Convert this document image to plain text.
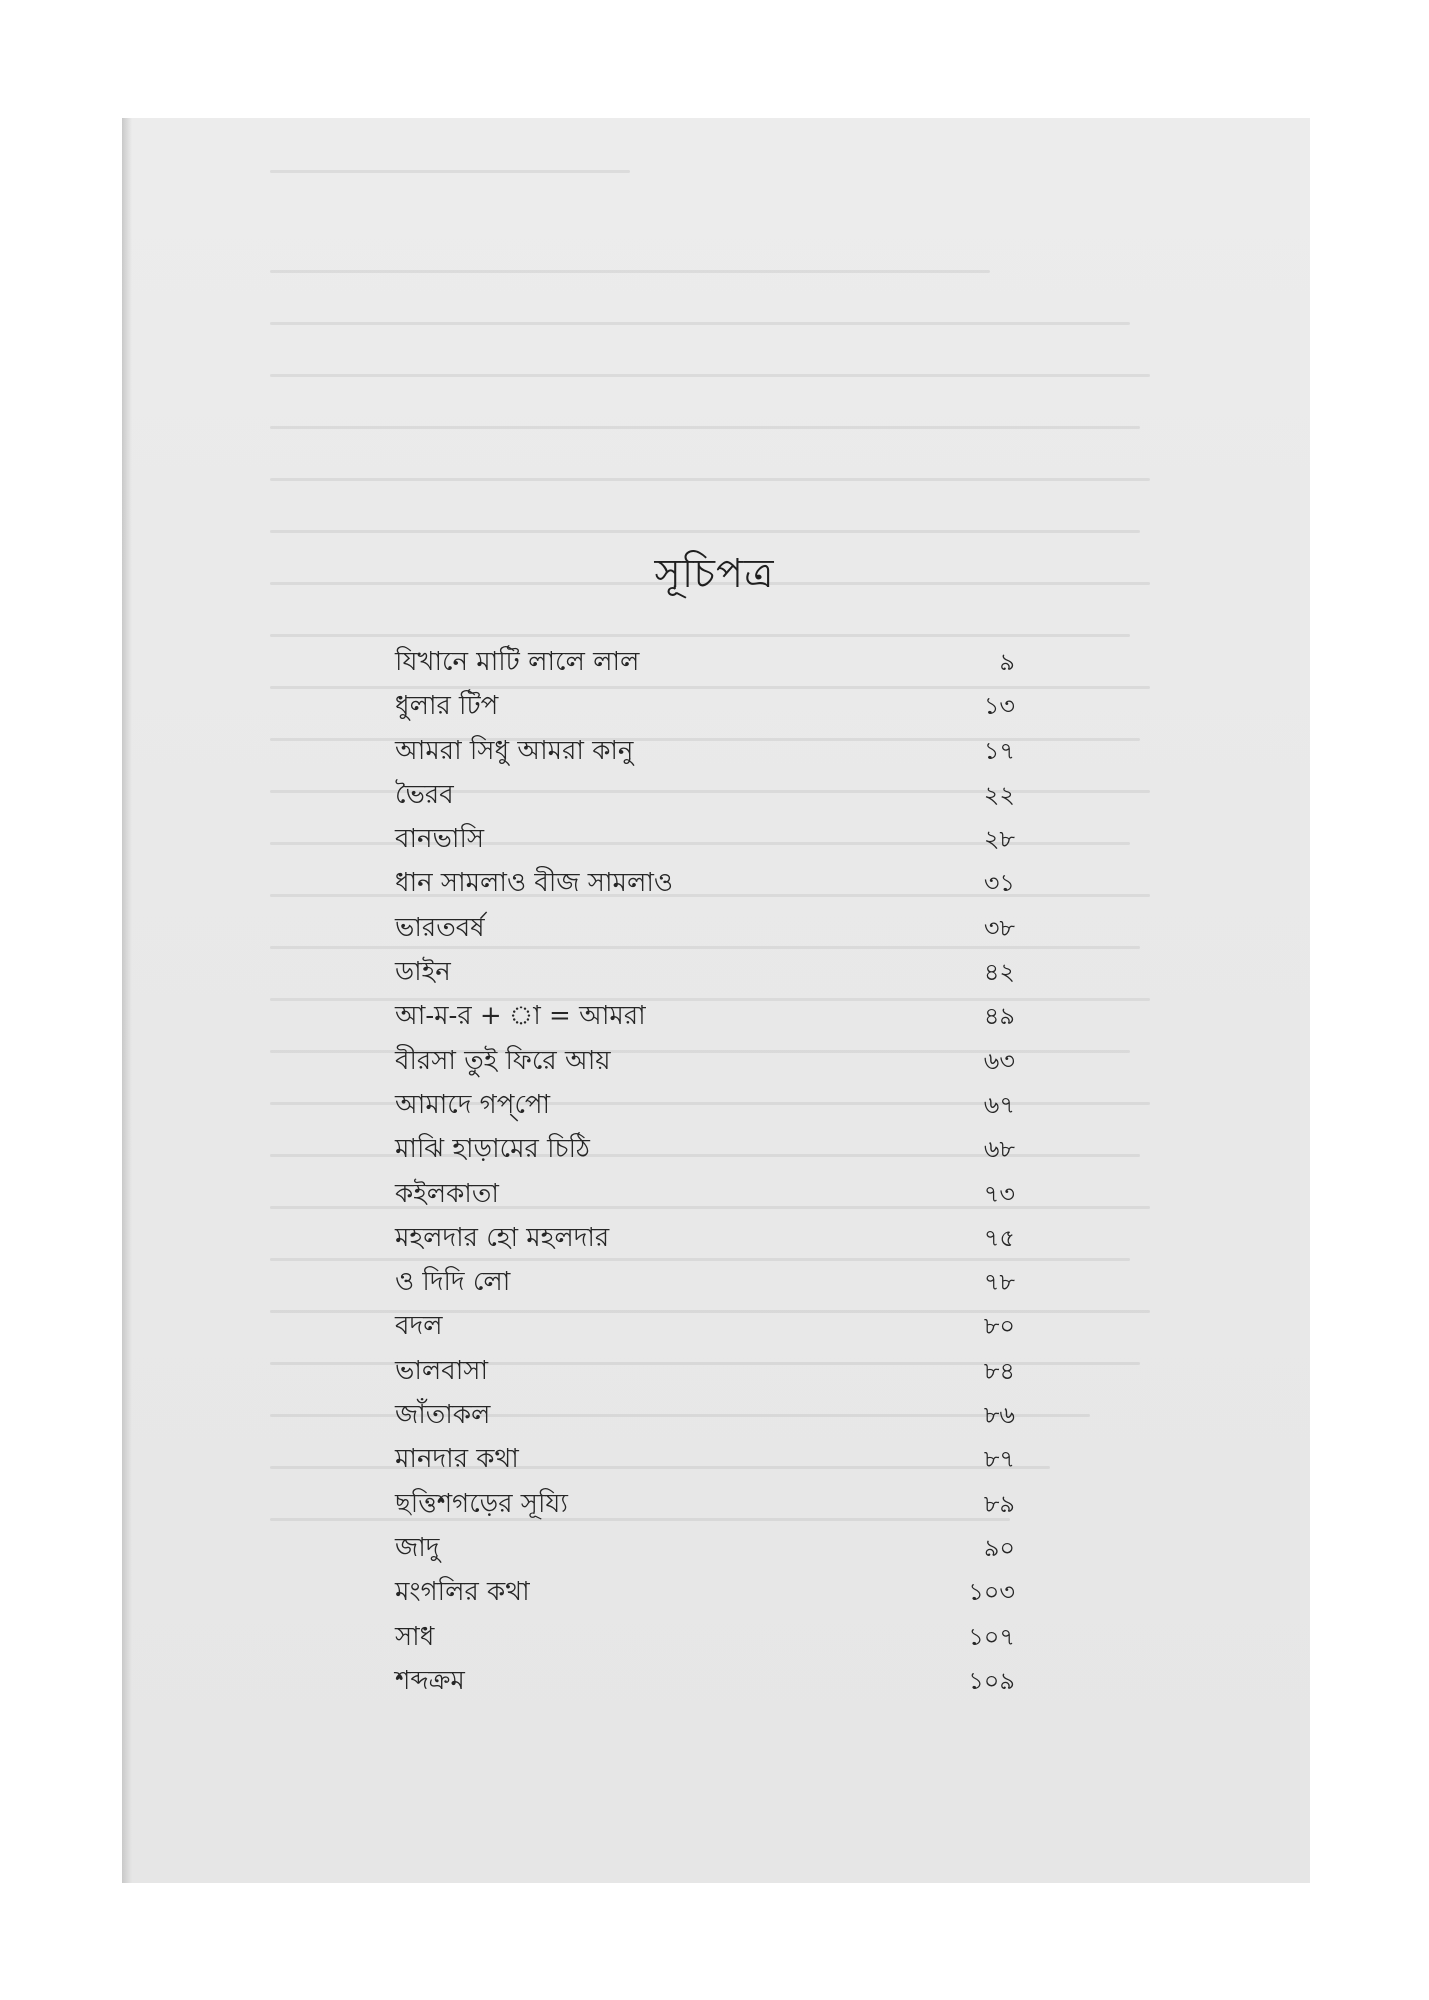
সূচিপত্র
যিখানে মাটি লালে লাল	৯
ধুলার টিপ	১৩
আমরা সিধু আমরা কানু	১৭
ভৈরব	২২
বানভাসি	২৮
ধান সামলাও বীজ সামলাও	৩১
ভারতবর্ষ	৩৮
ডাইন	৪২
আ-ম-র + া = আমরা	৪৯
বীরসা তুই ফিরে আয়	৬৩
আমাদে গপ্‌পো	৬৭
মাঝি হাড়ামের চিঠি	৬৮
কইলকাতা	৭৩
মহলদার হো মহলদার	৭৫
ও দিদি লো	৭৮
বদল	৮০
ভালবাসা	৮৪
জাঁতাকল	৮৬
মানদার কথা	৮৭
ছত্তিশগড়ের সূয্যি	৮৯
জাদু	৯০
মংগলির কথা	১০৩
সাধ	১০৭
শব্দক্রম	১০৯
